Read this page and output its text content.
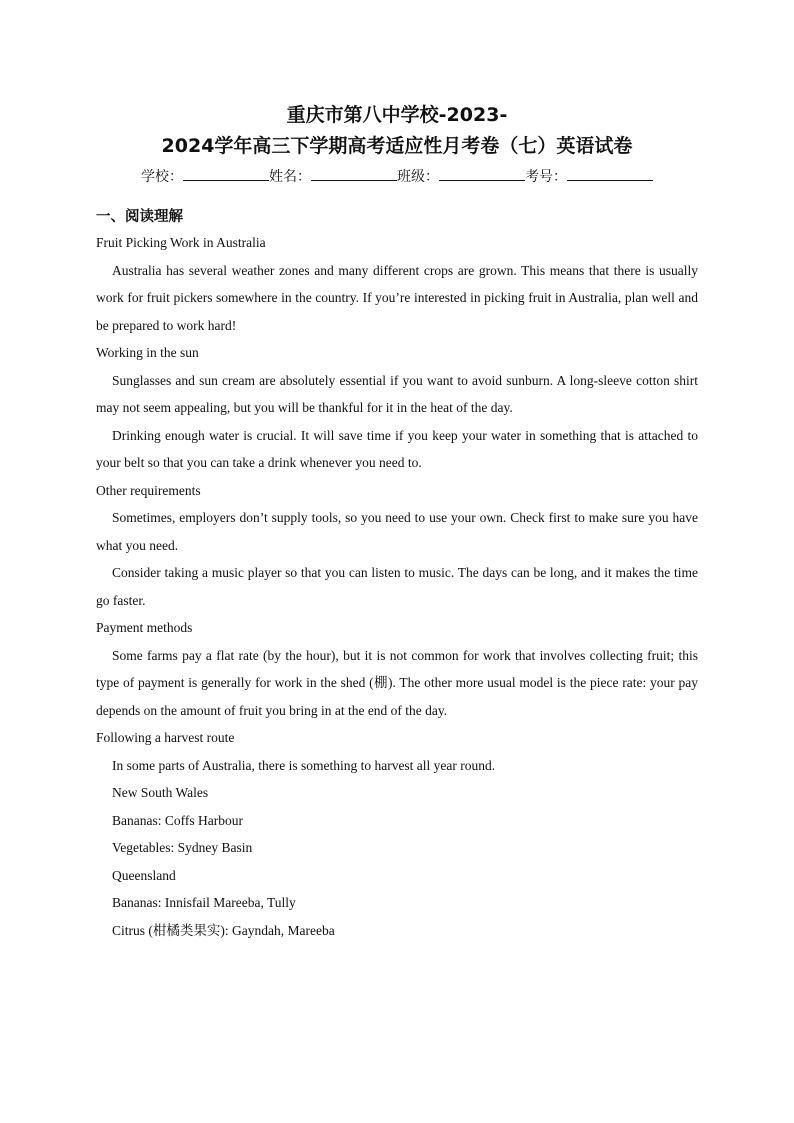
重庆市第八中学校-2023-
2024学年高三下学期高考适应性月考卷（七）英语试卷
学校：	姓名：	班级：	考号：
一、阅读理解
Fruit Picking Work in Australia

Australia has several weather zones and many different crops are grown. This means that there is usually work for fruit pickers somewhere in the country. If you’re interested in picking fruit in Australia, plan well and be prepared to work hard!

Working in the sun

Sunglasses and sun cream are absolutely essential if you want to avoid sunburn. A long-sleeve cotton shirt may not seem appealing, but you will be thankful for it in the heat of the day.

Drinking enough water is crucial. It will save time if you keep your water in something that is attached to your belt so that you can take a drink whenever you need to.

Other requirements

Sometimes, employers don’t supply tools, so you need to use your own. Check first to make sure you have what you need.

Consider taking a music player so that you can listen to music. The days can be long, and it makes the time go faster.

Payment methods

Some farms pay a flat rate (by the hour), but it is not common for work that involves collecting fruit; this type of payment is generally for work in the shed (棚). The other more usual model is the piece rate: your pay depends on the amount of fruit you bring in at the end of the day.

Following a harvest route
In some parts of Australia, there is something to harvest all year round.
New South Wales
Bananas: Coffs Harbour
Vegetables: Sydney Basin
Queensland
Bananas: Innisfail Mareeba, Tully
Citrus (柑橘类果实): Gayndah, Mareeba
